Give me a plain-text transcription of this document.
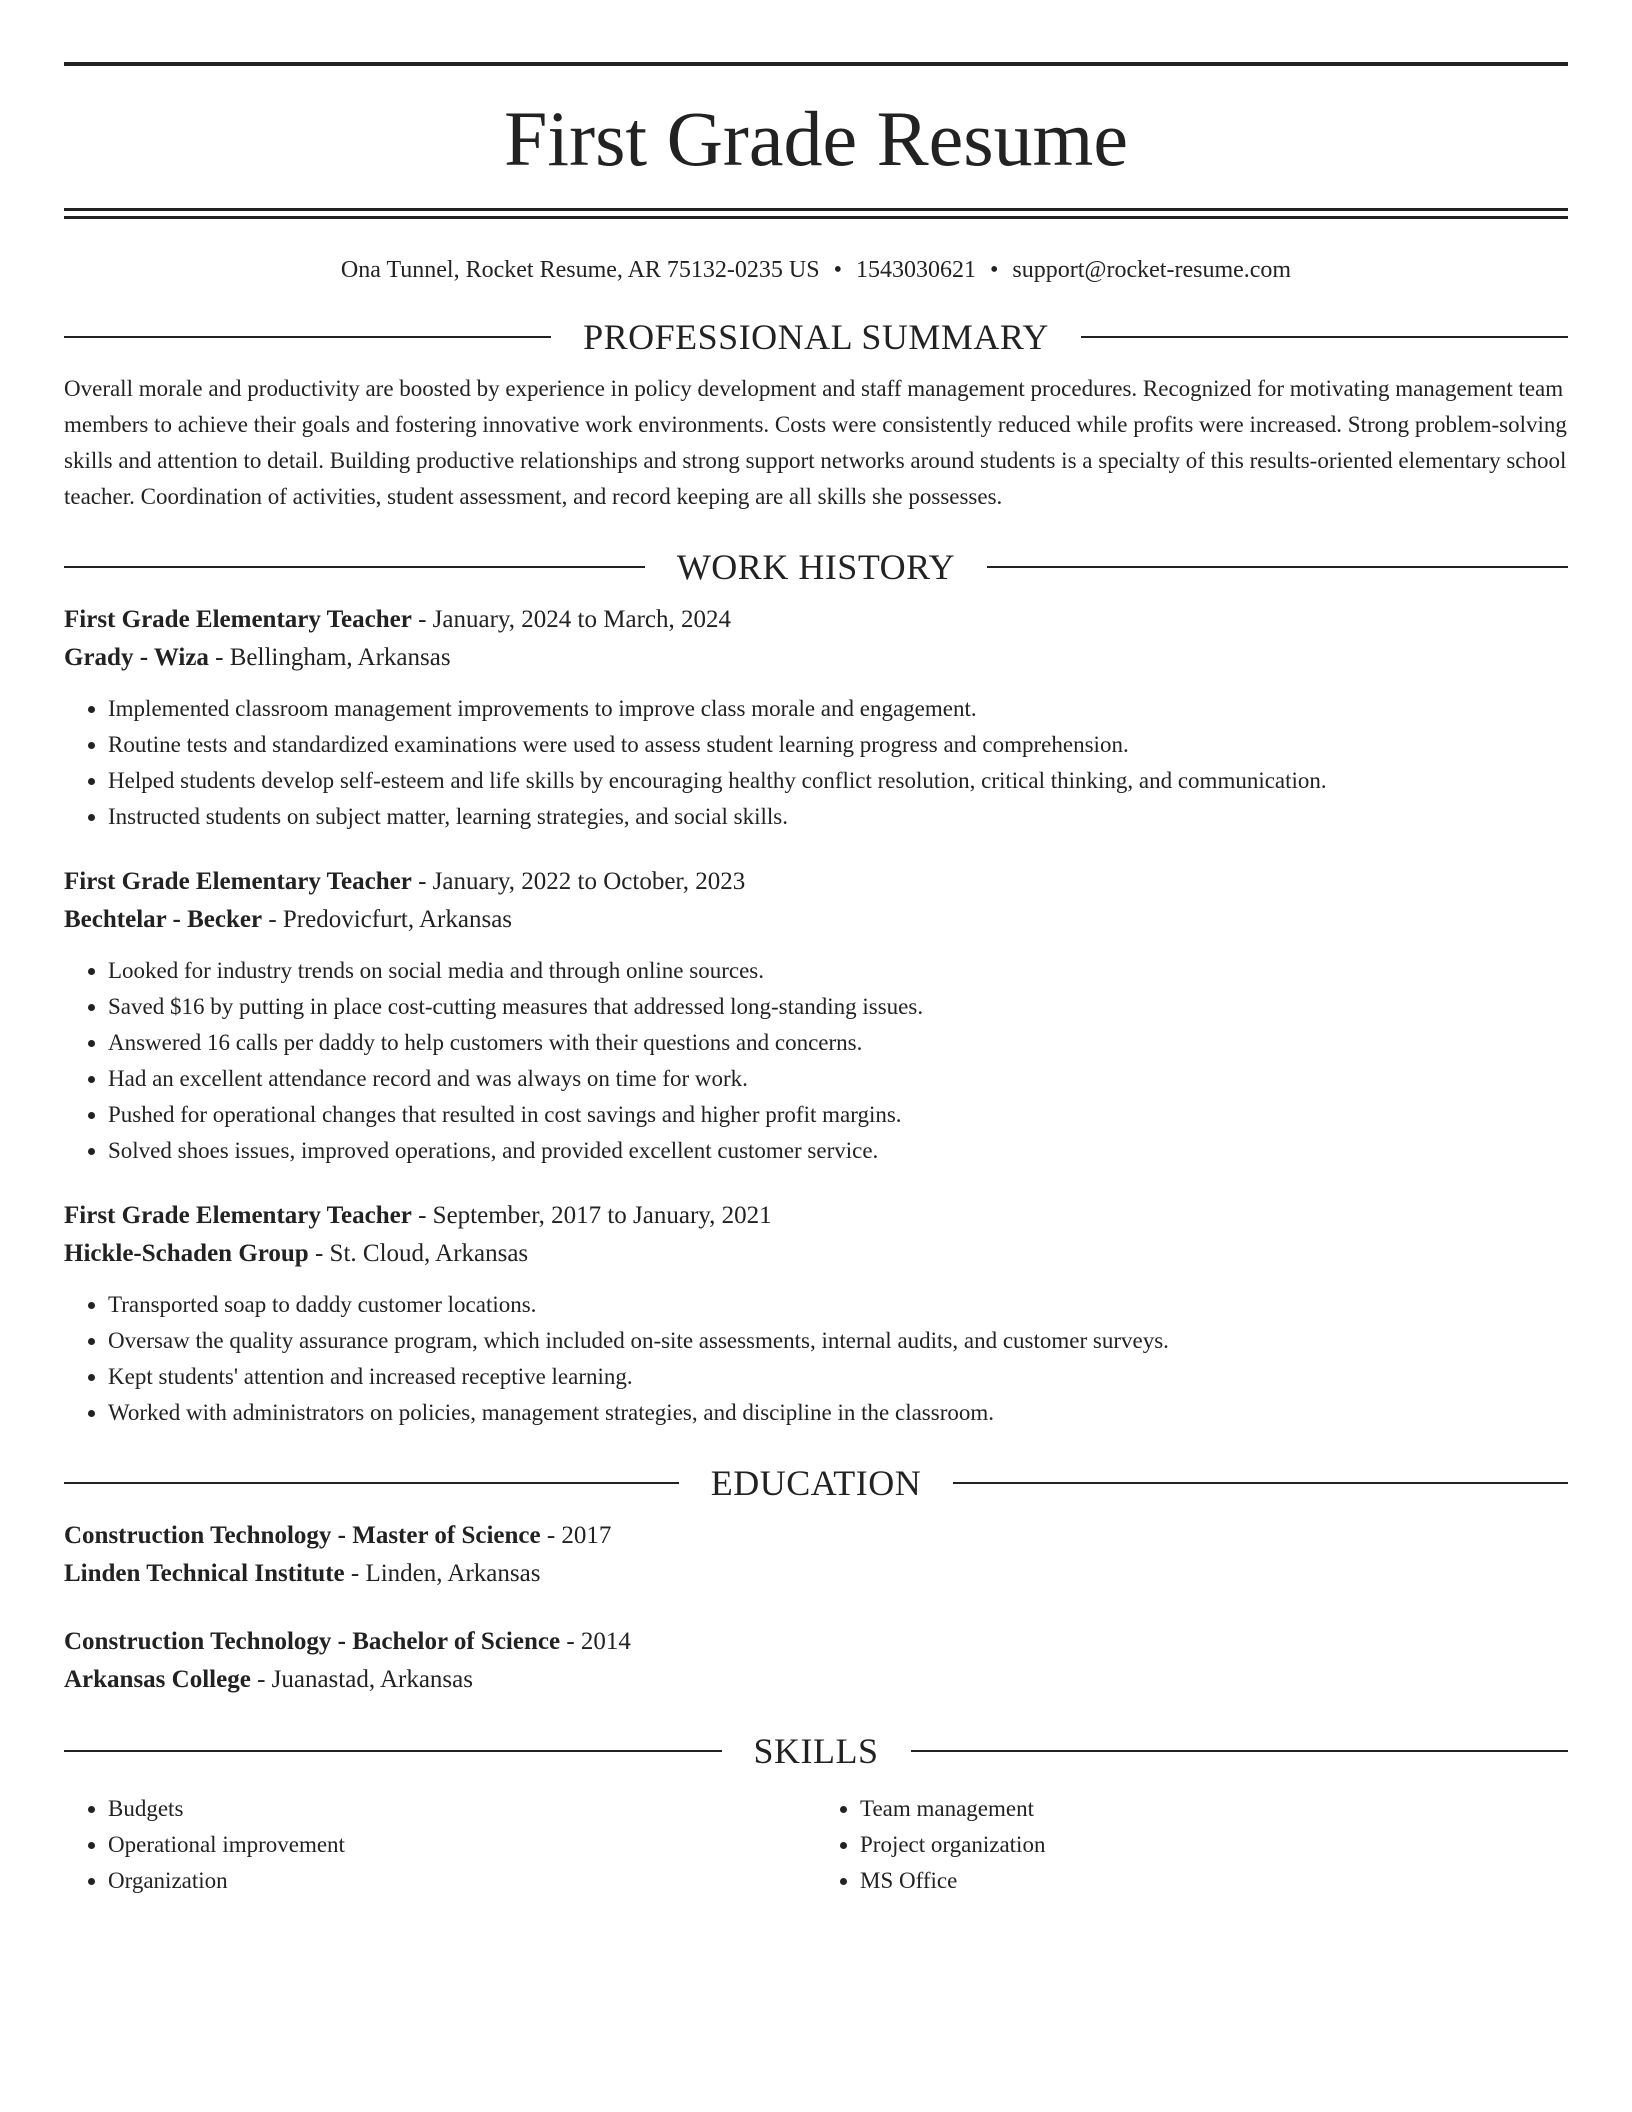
First Grade Resume
Ona Tunnel, Rocket Resume, AR 75132-0235 US • 1543030621 • support@rocket-resume.com
PROFESSIONAL SUMMARY

Overall morale and productivity are boosted by experience in policy development and staff management procedures. Recognized for motivating management team members to achieve their goals and fostering innovative work environments. Costs were consistently reduced while profits were increased. Strong problem-solving skills and attention to detail. Building productive relationships and strong support networks around students is a specialty of this results-oriented elementary school teacher. Coordination of activities, student assessment, and record keeping are all skills she possesses.

WORK HISTORY
First Grade Elementary Teacher - January, 2024 to March, 2024
Grady - Wiza - Bellingham, Arkansas
• Implemented classroom management improvements to improve class morale and engagement.
• Routine tests and standardized examinations were used to assess student learning progress and comprehension.
• Helped students develop self-esteem and life skills by encouraging healthy conflict resolution, critical thinking, and communication.
• Instructed students on subject matter, learning strategies, and social skills.
First Grade Elementary Teacher - January, 2022 to October, 2023
Bechtelar - Becker - Predovicfurt, Arkansas
• Looked for industry trends on social media and through online sources.
• Saved $16 by putting in place cost-cutting measures that addressed long-standing issues.
• Answered 16 calls per daddy to help customers with their questions and concerns.
• Had an excellent attendance record and was always on time for work.
• Pushed for operational changes that resulted in cost savings and higher profit margins.
• Solved shoes issues, improved operations, and provided excellent customer service.
First Grade Elementary Teacher - September, 2017 to January, 2021
Hickle-Schaden Group - St. Cloud, Arkansas
• Transported soap to daddy customer locations.
• Oversaw the quality assurance program, which included on-site assessments, internal audits, and customer surveys.
• Kept students' attention and increased receptive learning.
• Worked with administrators on policies, management strategies, and discipline in the classroom.
EDUCATION
Construction Technology - Master of Science - 2017
Linden Technical Institute - Linden, Arkansas
Construction Technology - Bachelor of Science - 2014
Arkansas College - Juanastad, Arkansas
SKILLS
• Budgets
• Operational improvement
• Organization
• Team management
• Project organization
• MS Office
